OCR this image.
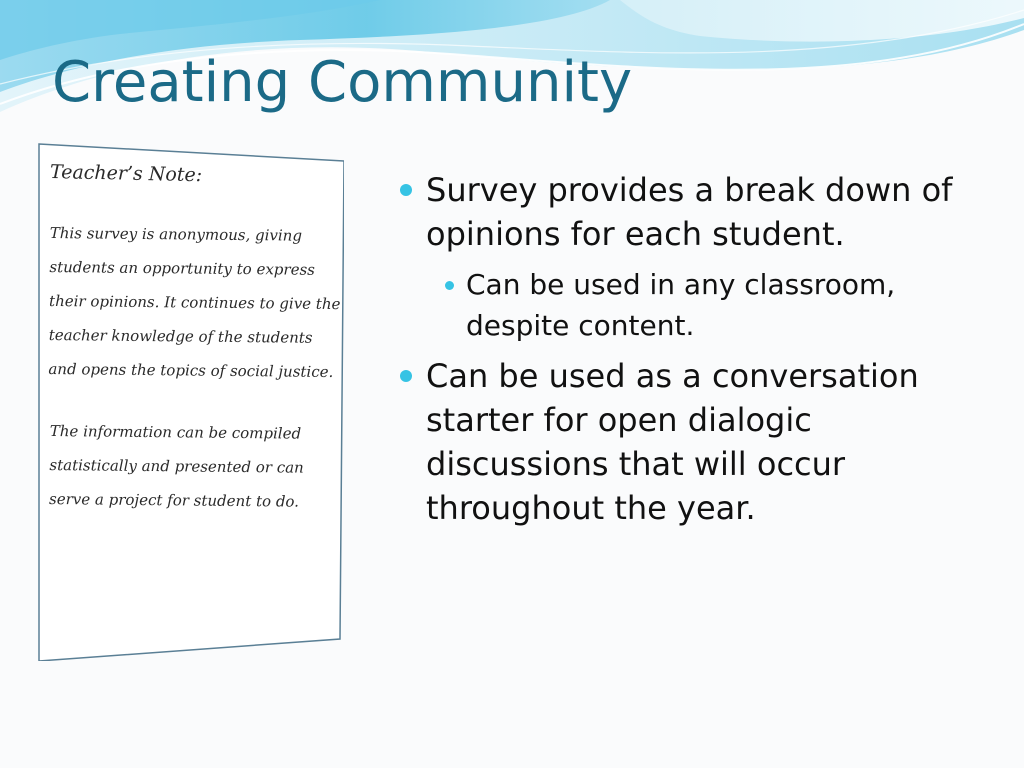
Creating Community

Teacher’s Note:

This survey is anonymous, giving students an opportunity to express their opinions. It continues to give the teacher knowledge of the students and opens the topics of social justice.

The information can be compiled statistically and presented or can serve a project for student to do.

Survey provides a break down of opinions for each student.
Can be used in any classroom, despite content.
Can be used as a conversation starter for open dialogic discussions that will occur throughout the year.
